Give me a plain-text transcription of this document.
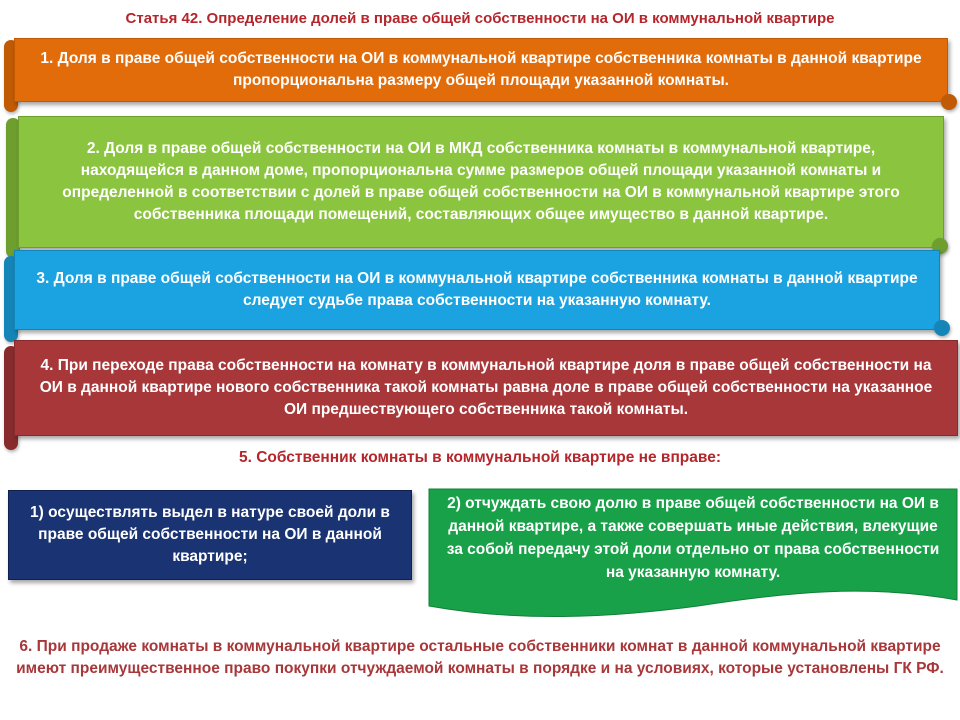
Статья 42. Определение долей в праве общей собственности на ОИ в коммунальной квартире
1. Доля в праве общей собственности на ОИ в коммунальной квартире собственника комнаты в данной квартире пропорциональна размеру общей площади указанной комнаты.
2. Доля в праве общей собственности на ОИ в МКД собственника комнаты в коммунальной квартире, находящейся в данном доме, пропорциональна сумме размеров общей площади указанной комнаты и определенной в соответствии с долей в праве общей собственности на ОИ в коммунальной квартире этого собственника площади помещений, составляющих общее имущество в данной квартире.
3. Доля в праве общей собственности на ОИ в коммунальной квартире собственника комнаты в данной квартире следует судьбе права собственности на указанную комнату.
4. При переходе права собственности на комнату в коммунальной квартире доля в праве общей собственности на ОИ в данной квартире нового собственника такой комнаты равна доле в праве общей собственности на указанное ОИ предшествующего собственника такой комнаты.
5. Собственник комнаты в коммунальной квартире не вправе:
1) осуществлять выдел в натуре своей доли в праве общей собственности на ОИ в данной квартире;
2) отчуждать свою долю в праве общей собственности на ОИ в данной квартире, а также совершать иные действия, влекущие за собой передачу этой доли отдельно от права собственности на указанную комнату.
6. При продаже комнаты в коммунальной квартире остальные собственники комнат в данной коммунальной квартире имеют преимущественное право покупки отчуждаемой комнаты в порядке и на условиях, которые установлены ГК РФ.
